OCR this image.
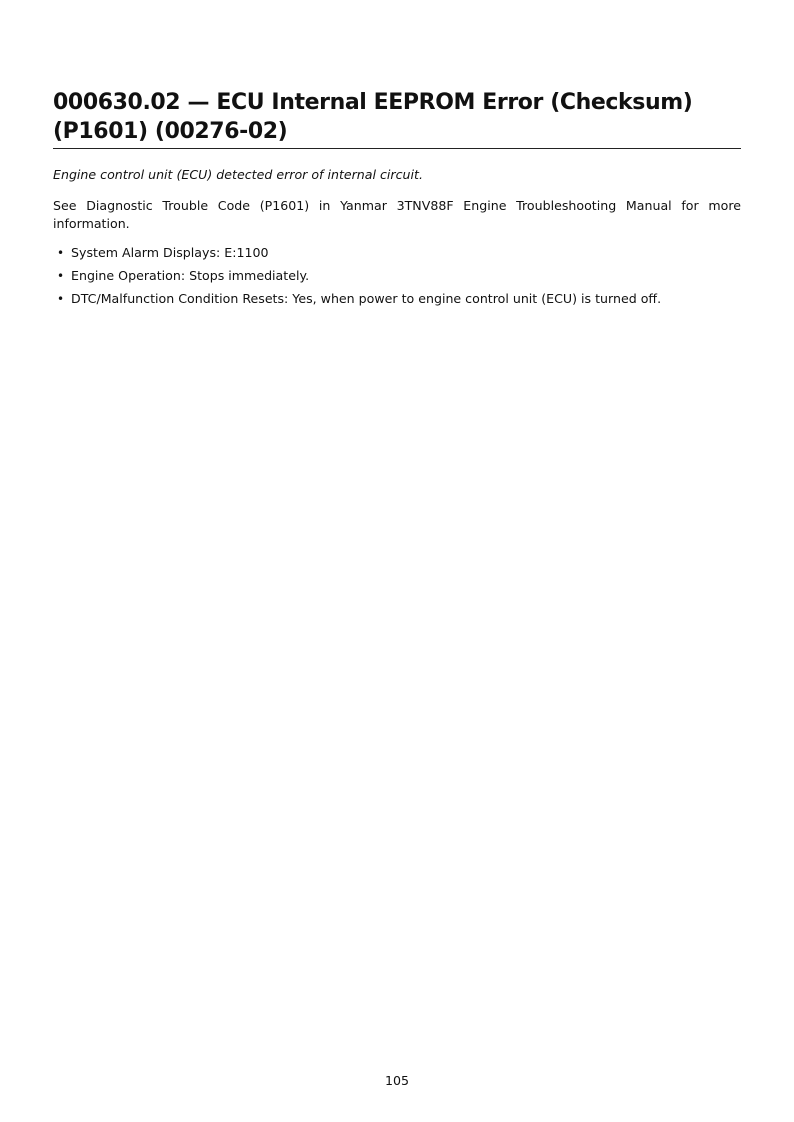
000630.02 — ECU Internal EEPROM Error (Checksum) (P1601) (00276-02)

Engine control unit (ECU) detected error of internal circuit.

See Diagnostic Trouble Code (P1601) in Yanmar 3TNV88F Engine Troubleshooting Manual for more information.

• System Alarm Displays: E:1100
• Engine Operation: Stops immediately.
• DTC/Malfunction Condition Resets: Yes, when power to engine control unit (ECU) is turned off.
105
